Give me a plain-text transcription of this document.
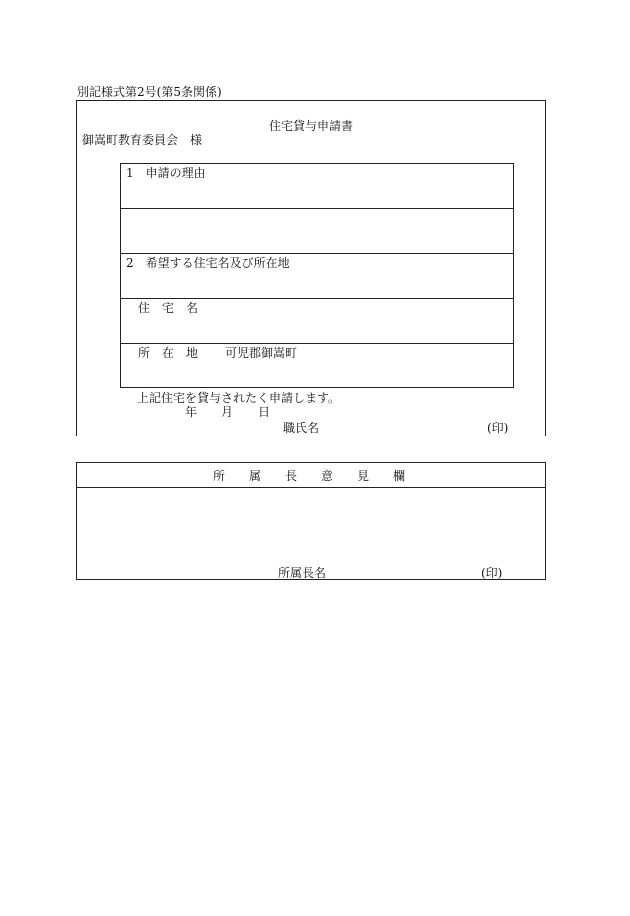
別記様式第2号(第5条関係)
住宅貸与申請書
御嵩町教育委員会　様
1　申請の理由
2　希望する住宅名及び所在地
住　宅　名
所　在　地 可児郡御嵩町
上記住宅を貸与されたく申請します。
年 月 日
職氏名	(印)
所　　属　　長　　意　　見　　欄
所属長名	(印)
